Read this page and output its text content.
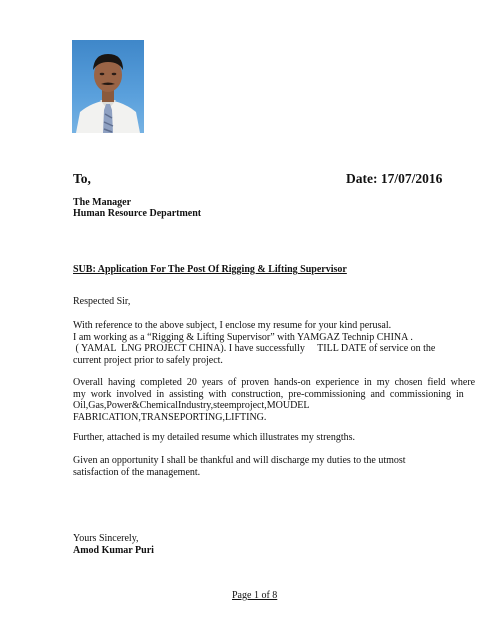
To,	Date: 17/07/2016
The Manager
Human Resource Department
SUB: Application For The Post Of Rigging & Lifting Supervisor
Respected Sir,
With reference to the above subject, I enclose my resume for your kind perusal.
I am working as a “Rigging & Lifting Supervisor” with YAMGAZ Technip CHINA .
( YAMAL  LNG PROJECT CHINA). I have successfully     TILL DATE of service on the
current project prior to safely project.
Overall  having  completed  20  years  of  proven  hands-on  experience  in  my  chosen  field  where
my  work  involved  in  assisting  with  construction,  pre-commissioning  and  commissioning  in
Oil,Gas,Power&ChemicalIndustry,steemproject,MOUDEL
FABRICATION,TRANSEPORTING,LIFTING.
Further, attached is my detailed resume which illustrates my strengths.
Given an opportunity I shall be thankful and will discharge my duties to the utmost
satisfaction of the management.
Yours Sincerely,
Amod Kumar Puri
Page 1 of 8
